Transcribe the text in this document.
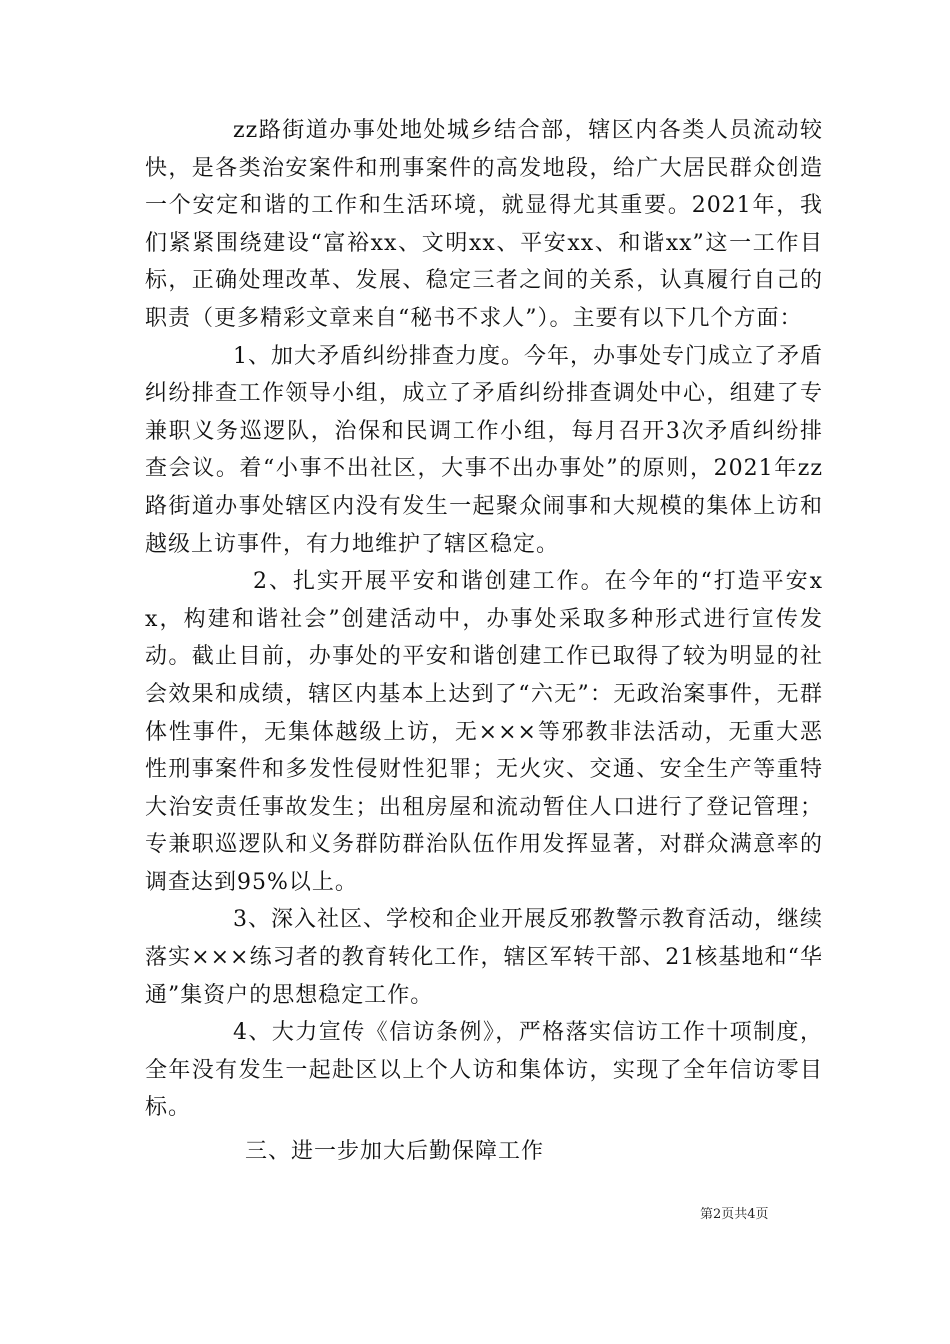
zz路街道办事处地处城乡结合部，辖区内各类人员流动较快，是各类治安案件和刑事案件的高发地段，给广大居民群众创造一个安定和谐的工作和生活环境，就显得尤其重要。2021年，我们紧紧围绕建设“富裕xx、文明xx、平安xx、和谐xx”这一工作目标，正确处理改革、发展、稳定三者之间的关系，认真履行自己的职责（更多精彩文章来自“秘书不求人”）。主要有以下几个方面：

1、加大矛盾纠纷排查力度。今年，办事处专门成立了矛盾纠纷排查工作领导小组，成立了矛盾纠纷排查调处中心，组建了专兼职义务巡逻队，治保和民调工作小组，每月召开3次矛盾纠纷排查会议。着“小事不出社区，大事不出办事处”的原则，2021年zz路街道办事处辖区内没有发生一起聚众闹事和大规模的集体上访和越级上访事件，有力地维护了辖区稳定。

2、扎实开展平安和谐创建工作。在今年的“打造平安xx，构建和谐社会”创建活动中，办事处采取多种形式进行宣传发动。截止目前，办事处的平安和谐创建工作已取得了较为明显的社会效果和成绩，辖区内基本上达到了“六无”：无政治案事件，无群体性事件，无集体越级上访，无×××等邪教非法活动，无重大恶性刑事案件和多发性侵财性犯罪；无火灾、交通、安全生产等重特大治安责任事故发生；出租房屋和流动暂住人口进行了登记管理；专兼职巡逻队和义务群防群治队伍作用发挥显著，对群众满意率的调查达到95%以上。

3、深入社区、学校和企业开展反邪教警示教育活动，继续落实×××练习者的教育转化工作，辖区军转干部、21核基地和“华通”集资户的思想稳定工作。

4、大力宣传《信访条例》，严格落实信访工作十项制度，全年没有发生一起赴区以上个人访和集体访，实现了全年信访零目标。

三、进一步加大后勤保障工作

第2页共4页
